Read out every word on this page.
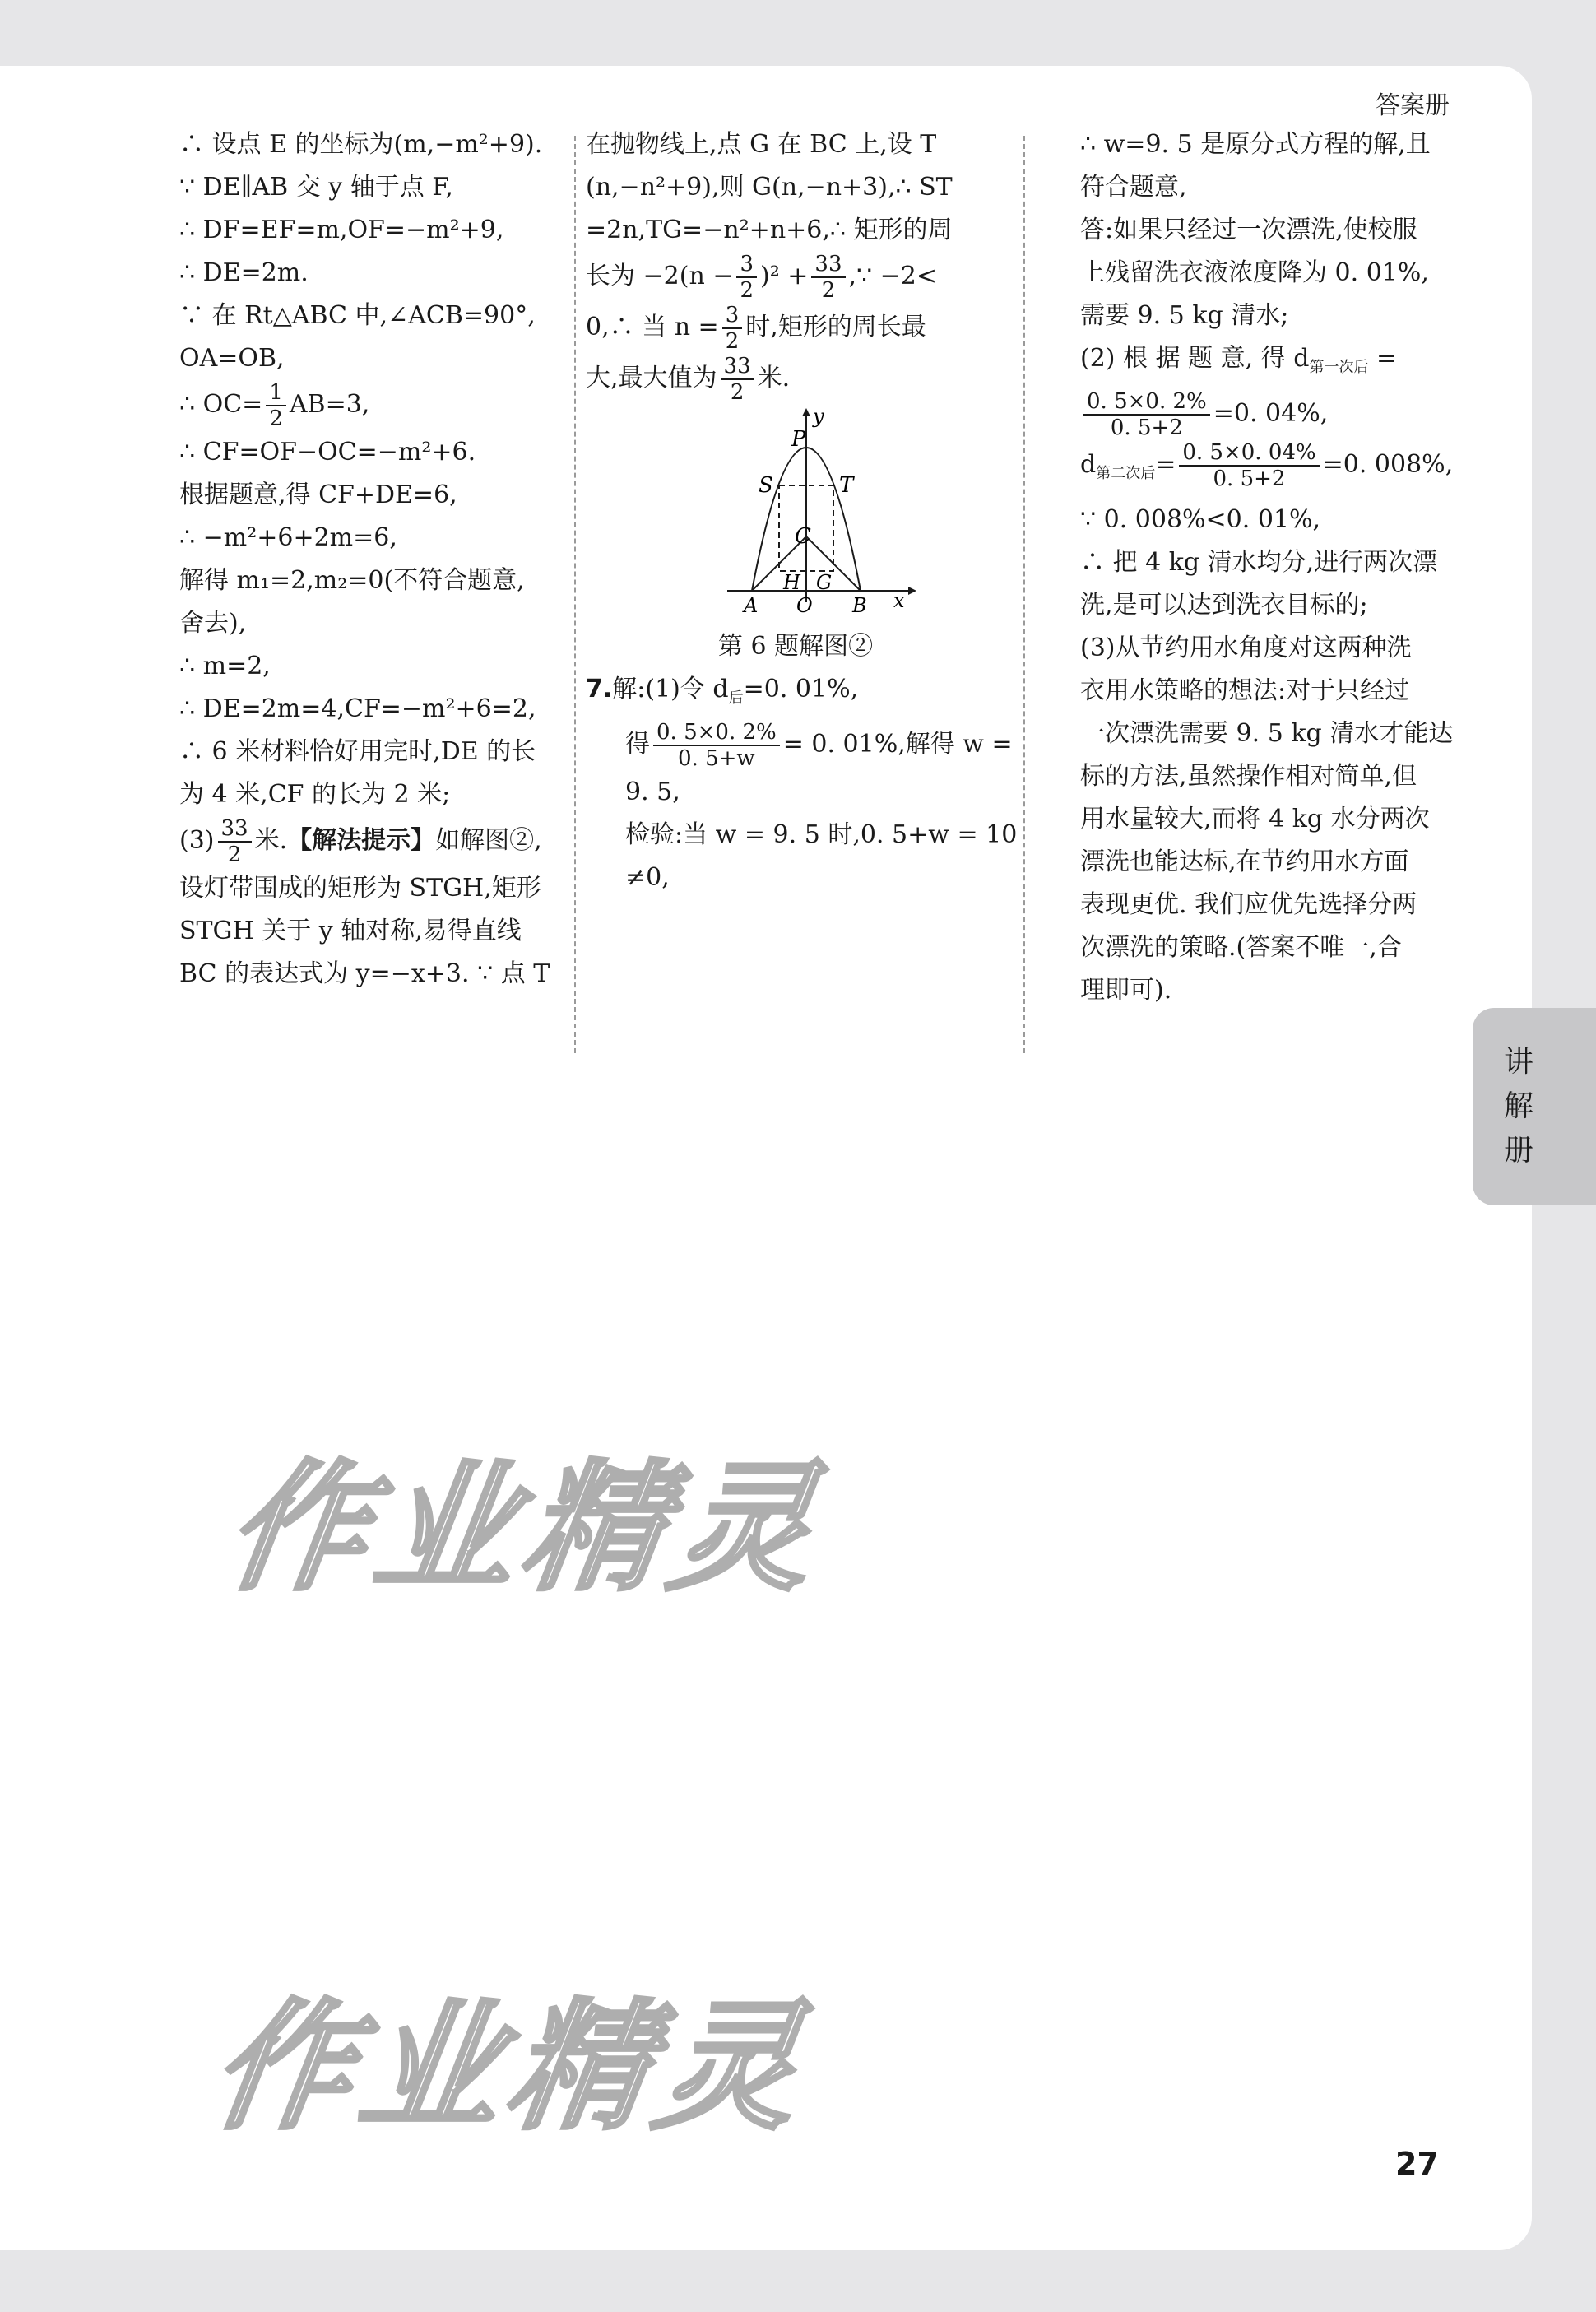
答案册
∴ 设点 E 的坐标为(m,−m²+9).
∵ DE∥AB 交 y 轴于点 F,
∴ DF=EF=m,OF=−m²+9,
∴ DE=2m.
∵ 在 Rt△ABC 中,∠ACB=90°,
OA=OB,
∴ $OC= \frac{1}{2} AB=3$,
∴ CF=OF−OC=−m²+6.
根据题意,得 CF+DE=6,
∴ −m²+6+2m=6,
解得 m₁=2,m₂=0(不符合题意,
舍去),
∴ m=2,
∴ DE=2m=4,CF=−m²+6=2,
∴ 6 米材料恰好用完时,DE 的长
为 4 米,CF 的长为 2 米;
$(3) \frac{33}{2}$ 米.【解法提示】如解图②,
设灯带围成的矩形为 STGH,矩形
STGH 关于 y 轴对称,易得直线
BC 的表达式为 y=−x+3. ∵ 点 T
在抛物线上,点 G 在 BC 上,设 T
(n,−n²+9),则 G(n,−n+3),∴ ST
=2n,TG=−n²+n+6,∴ 矩形的周
长为 $-2(n - \frac{3}{2} )^2 + \frac{33}{2}$ ,∵ −2<
0,∴ 当 $n = \frac{3}{2}$ 时,矩形的周长最
大,最大值为 $\frac{33}{2}$ 米.
P
y
S	T
C
H G
A O B x
第 6 题解图②
7.解:(1)令 $d_后=0$. 01%,
得 $\frac{0. 5\times 0. 2\%}{0. 5+w} = 0$. 01%,解得 w =
9. 5,
检验:当 w = 9. 5 时,0. 5+w = 10
≠0,
∴ w=9. 5 是原分式方程的解,且
符合题意,
答:如果只经过一次漂洗,使校服
上残留洗衣液浓度降为 0. 01%,
需要 9. 5 kg 清水;
(2) 根 据 题 意, 得 $d_{第一次后}$ =
$\frac{0. 5\times 0. 2\%}{0. 5+2} =0$. 04%,
$d_{第二次后}= \frac{0. 5\times 0. 04\%}{0. 5+2} =0$. 008%,
∵ 0. 008%<0. 01%,
∴ 把 4 kg 清水均分,进行两次漂
洗,是可以达到洗衣目标的;
(3)从节约用水角度对这两种洗
衣用水策略的想法:对于只经过
一次漂洗需要 9. 5 kg 清水才能达
标的方法,虽然操作相对简单,但
用水量较大,而将 4 kg 水分两次
漂洗也能达标,在节约用水方面
表现更优. 我们应优先选择分两
次漂洗的策略.(答案不唯一,合
理即可).
讲
解
册
作业精灵
作业精灵
27
